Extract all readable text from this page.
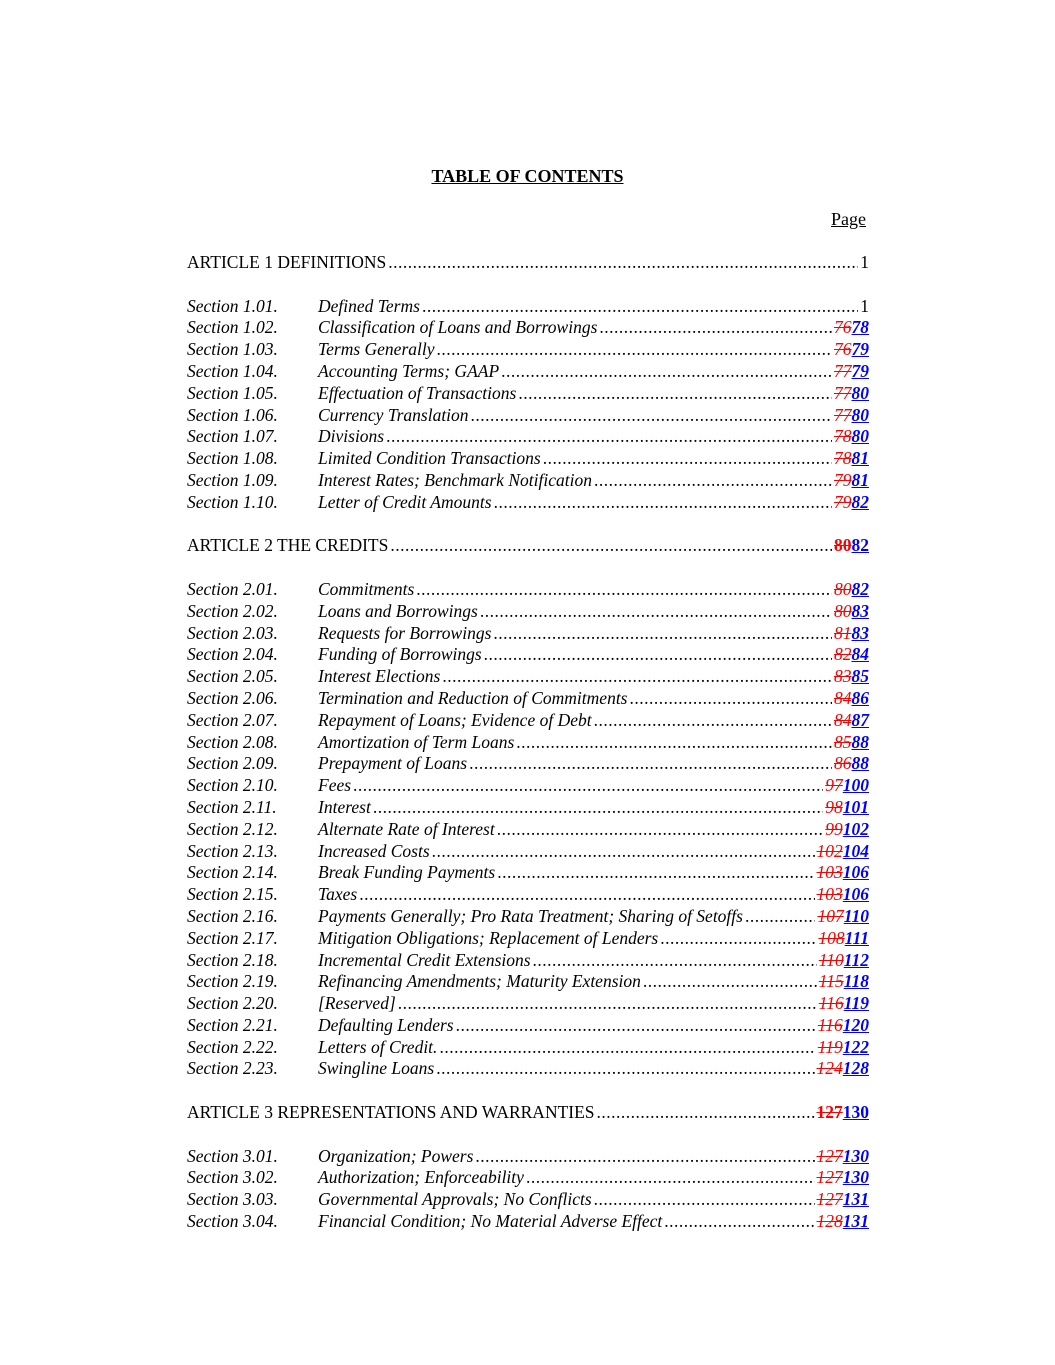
TABLE OF CONTENTS
Page
ARTICLE 1 DEFINITIONS .....	1
Section 1.01.	Defined Terms .....	1
Section 1.02.	Classification of Loans and Borrowings .....	7678
Section 1.03.	Terms Generally .....	7679
Section 1.04.	Accounting Terms; GAAP .....	7779
Section 1.05.	Effectuation of Transactions .....	7780
Section 1.06.	Currency Translation .....	7780
Section 1.07.	Divisions .....	7880
Section 1.08.	Limited Condition Transactions .....	7881
Section 1.09.	Interest Rates; Benchmark Notification .....	7981
Section 1.10.	Letter of Credit Amounts .....	7982
ARTICLE 2 THE CREDITS .....	8082
Section 2.01.	Commitments .....	8082
Section 2.02.	Loans and Borrowings .....	8083
Section 2.03.	Requests for Borrowings .....	8183
Section 2.04.	Funding of Borrowings .....	8284
Section 2.05.	Interest Elections .....	8385
Section 2.06.	Termination and Reduction of Commitments .....	8486
Section 2.07.	Repayment of Loans; Evidence of Debt .....	8487
Section 2.08.	Amortization of Term Loans .....	8588
Section 2.09.	Prepayment of Loans .....	8688
Section 2.10.	Fees .....	97100
Section 2.11.	Interest .....	98101
Section 2.12.	Alternate Rate of Interest .....	99102
Section 2.13.	Increased Costs .....	102104
Section 2.14.	Break Funding Payments .....	103106
Section 2.15.	Taxes .....	103106
Section 2.16.	Payments Generally; Pro Rata Treatment; Sharing of Setoffs .....	107110
Section 2.17.	Mitigation Obligations; Replacement of Lenders .....	108111
Section 2.18.	Incremental Credit Extensions .....	110112
Section 2.19.	Refinancing Amendments; Maturity Extension .....	115118
Section 2.20.	[Reserved] .....	116119
Section 2.21.	Defaulting Lenders .....	116120
Section 2.22.	Letters of Credit. .....	119122
Section 2.23.	Swingline Loans .....	124128
ARTICLE 3 REPRESENTATIONS AND WARRANTIES .....	127130
Section 3.01.	Organization; Powers .....	127130
Section 3.02.	Authorization; Enforceability .....	127130
Section 3.03.	Governmental Approvals; No Conflicts .....	127131
Section 3.04.	Financial Condition; No Material Adverse Effect .....	128131
